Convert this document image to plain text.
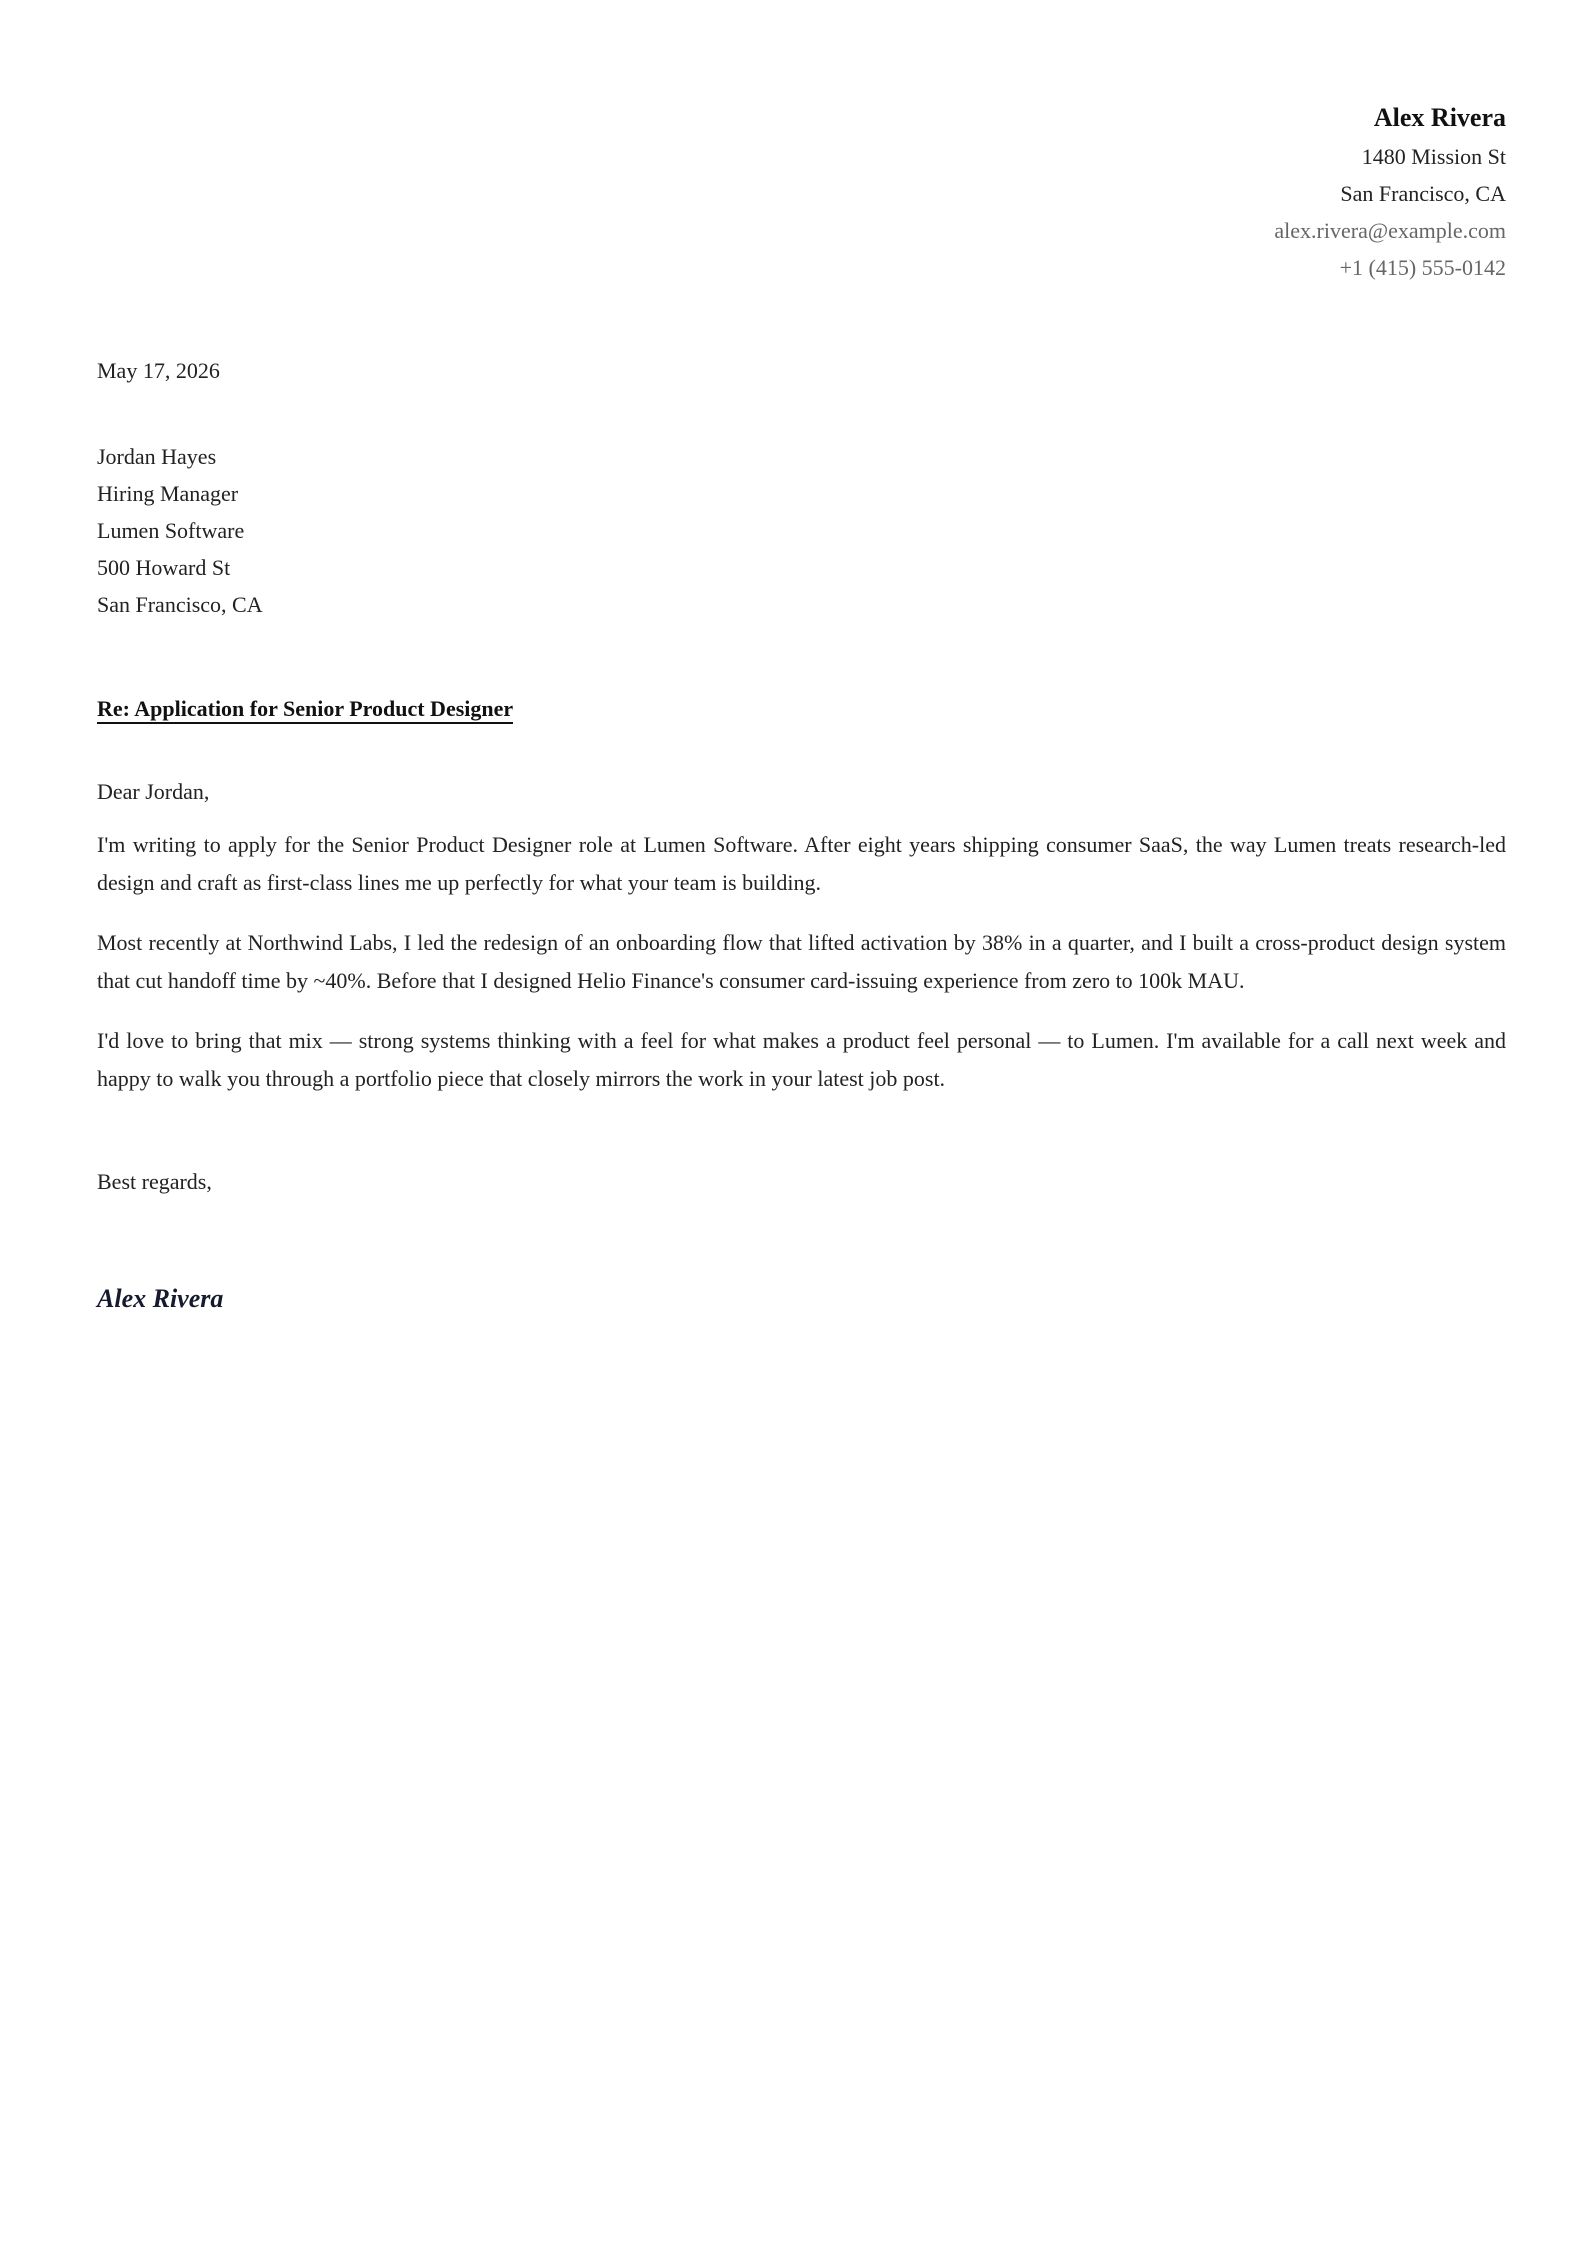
Alex Rivera
1480 Mission St
San Francisco, CA
alex.rivera@example.com
+1 (415) 555-0142
May 17, 2026
Jordan Hayes
Hiring Manager
Lumen Software
500 Howard St
San Francisco, CA
Re: Application for Senior Product Designer

Dear Jordan,

I'm writing to apply for the Senior Product Designer role at Lumen Software. After eight years shipping consumer SaaS, the way Lumen treats research-led design and craft as first-class lines me up perfectly for what your team is building.

Most recently at Northwind Labs, I led the redesign of an onboarding flow that lifted activation by 38% in a quarter, and I built a cross-product design system that cut handoff time by ~40%. Before that I designed Helio Finance's consumer card-issuing experience from zero to 100k MAU.

I'd love to bring that mix — strong systems thinking with a feel for what makes a product feel personal — to Lumen. I'm available for a call next week and happy to walk you through a portfolio piece that closely mirrors the work in your latest job post.

Best regards,
Alex Rivera
